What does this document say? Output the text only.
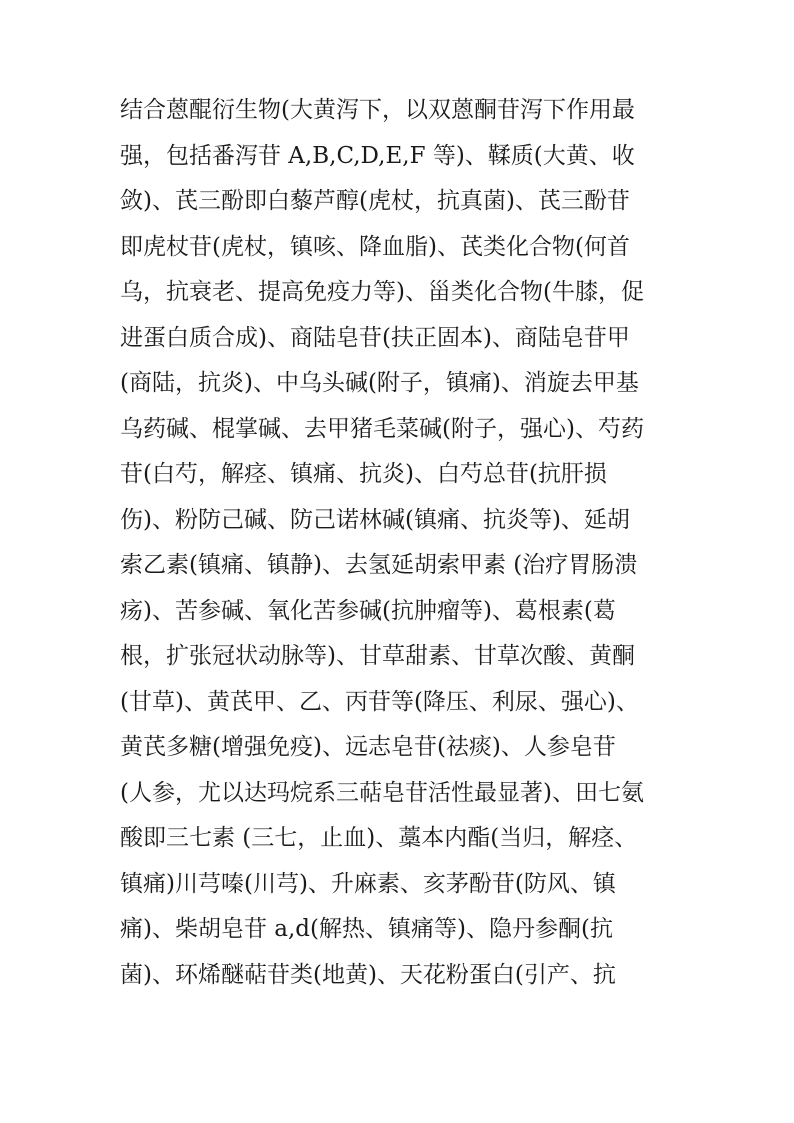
结合蒽醌衍生物(大黄泻下，以双蒽酮苷泻下作用最
强，包括番泻苷 A,B,C,D,E,F 等)、鞣质(大黄、收
敛)、芪三酚即白藜芦醇(虎杖，抗真菌)、芪三酚苷
即虎杖苷(虎杖，镇咳、降血脂)、芪类化合物(何首
乌，抗衰老、提高免疫力等)、甾类化合物(牛膝，促
进蛋白质合成)、商陆皂苷(扶正固本)、商陆皂苷甲
(商陆，抗炎)、中乌头碱(附子，镇痛)、消旋去甲基
乌药碱、棍掌碱、去甲猪毛菜碱(附子，强心)、芍药
苷(白芍，解痉、镇痛、抗炎)、白芍总苷(抗肝损
伤)、粉防己碱、防己诺林碱(镇痛、抗炎等)、延胡
索乙素(镇痛、镇静)、去氢延胡索甲素 (治疗胃肠溃
疡)、苦参碱、氧化苦参碱(抗肿瘤等)、葛根素(葛
根，扩张冠状动脉等)、甘草甜素、甘草次酸、黄酮
(甘草)、黄芪甲、乙、丙苷等(降压、利尿、强心)、
黄芪多糖(增强免疫)、远志皂苷(祛痰)、人参皂苷
(人参，尤以达玛烷系三萜皂苷活性最显著)、田七氨
酸即三七素 (三七，止血)、藁本内酯(当归，解痉、
镇痛)川芎嗪(川芎)、升麻素、亥茅酚苷(防风、镇
痛)、柴胡皂苷 a,d(解热、镇痛等)、隐丹参酮(抗
菌)、环烯醚萜苷类(地黄)、天花粉蛋白(引产、抗
